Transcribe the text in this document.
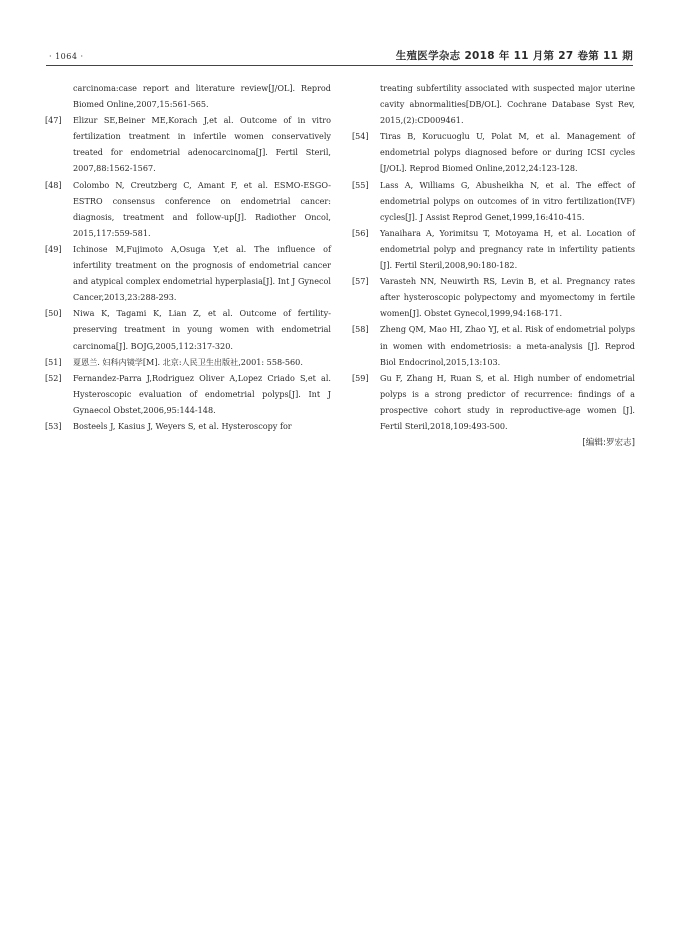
· 1064 ·	生殖医学杂志 2018 年 11 月第 27 卷第 11 期

carcinoma:case report and literature review[J/OL]. Reprod Biomed Online,2007,15:561-565.

[47] Elizur SE,Beiner ME,Korach J,et al. Outcome of in vitro fertilization treatment in infertile women conservatively treated for endometrial adenocarcinoma[J]. Fertil Steril, 2007,88:1562-1567.

[48] Colombo N, Creutzberg C, Amant F, et al. ESMO-ESGO-ESTRO consensus conference on endometrial cancer: diagnosis, treatment and follow-up[J]. Radiother Oncol, 2015,117:559-581.

[49] Ichinose M,Fujimoto A,Osuga Y,et al. The influence of infertility treatment on the prognosis of endometrial cancer and atypical complex endometrial hyperplasia[J]. Int J Gynecol Cancer,2013,23:288-293.

[50] Niwa K, Tagami K, Lian Z, et al. Outcome of fertility-preserving treatment in young women with endometrial carcinoma[J]. BOJG,2005,112:317-320.

[51] 夏恩兰. 妇科内镜学[M]. 北京:人民卫生出版社,2001: 558-560.

[52] Fernandez-Parra J,Rodriguez Oliver A,Lopez Criado S,et al. Hysteroscopic evaluation of endometrial polyps[J]. Int J Gynaecol Obstet,2006,95:144-148.

[53] Bosteels J, Kasius J, Weyers S, et al. Hysteroscopy for

treating subfertility associated with suspected major uterine cavity abnormalities[DB/OL]. Cochrane Database Syst Rev, 2015,(2):CD009461.

[54] Tiras B, Korucuoglu U, Polat M, et al. Management of endometrial polyps diagnosed before or during ICSI cycles [J/OL]. Reprod Biomed Online,2012,24:123-128.

[55] Lass A, Williams G, Abusheikha N, et al. The effect of endometrial polyps on outcomes of in vitro fertilization(IVF) cycles[J]. J Assist Reprod Genet,1999,16:410-415.

[56] Yanaihara A, Yorimitsu T, Motoyama H, et al. Location of endometrial polyp and pregnancy rate in infertility patients [J]. Fertil Steril,2008,90:180-182.

[57] Varasteh NN, Neuwirth RS, Levin B, et al. Pregnancy rates after hysteroscopic polypectomy and myomectomy in fertile women[J]. Obstet Gynecol,1999,94:168-171.

[58] Zheng QM, Mao HI, Zhao YJ, et al. Risk of endometrial polyps in women with endometriosis: a meta-analysis [J]. Reprod Biol Endocrinol,2015,13:103.

[59] Gu F, Zhang H, Ruan S, et al. High number of endometrial polyps is a strong predictor of recurrence: findings of a prospective cohort study in reproductive-age women [J]. Fertil Steril,2018,109:493-500.

[编辑:罗宏志]
